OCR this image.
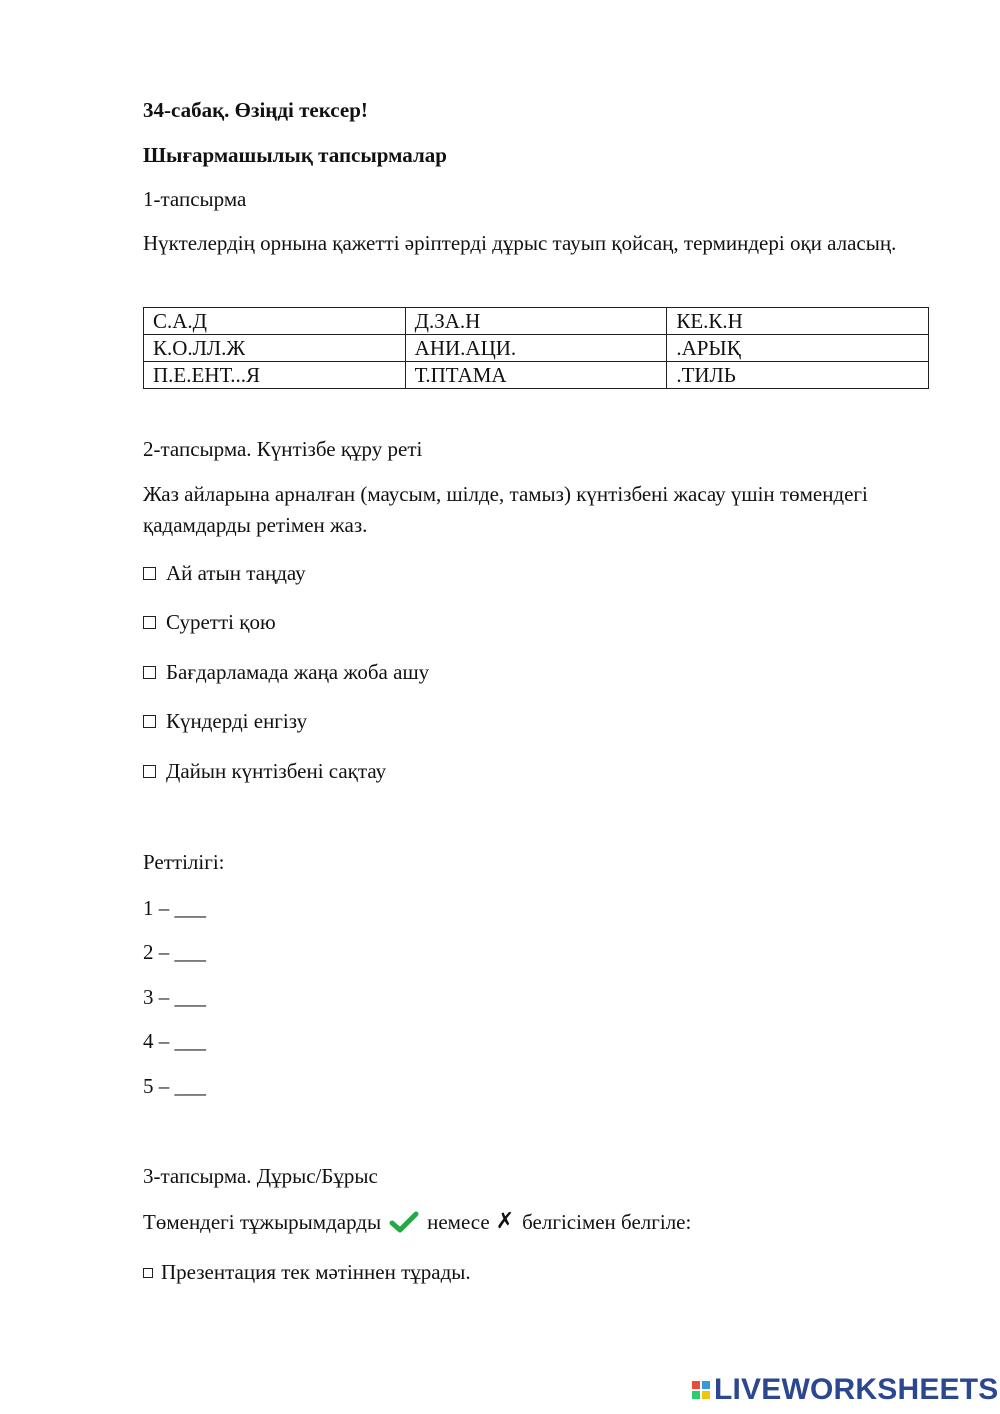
34-сабақ. Өзіңді тексер!
Шығармашылық тапсырмалар
1-тапсырма
Нүктелердің орнына қажетті әріптерді дұрыс тауып қойсаң, терминдері оқи аласың.
С.А.Д	Д.ЗА.Н	КЕ.К.Н
К.О.ЛЛ.Ж	АНИ.АЦИ.	.АРЫҚ
П.Е.ЕНТ...Я	Т.ПТАМА	.ТИЛЬ
2-тапсырма. Күнтізбе құру реті
Жаз айларына арналған (маусым, шілде, тамыз) күнтізбені жасау үшін төмендегі қадамдарды ретімен жаз.
Ай атын таңдау
Суретті қою
Бағдарламада жаңа жоба ашу
Күндерді енгізу
Дайын күнтізбені сақтау
Реттілігі:
1 – ___
2 – ___
3 – ___
4 – ___
5 – ___
3-тапсырма. Дұрыс/Бұрыс
Төмендегі тұжырымдарды немесе ✗ белгісімен белгіле:
Презентация тек мәтіннен тұрады.
LIVEWORKSHEETS
